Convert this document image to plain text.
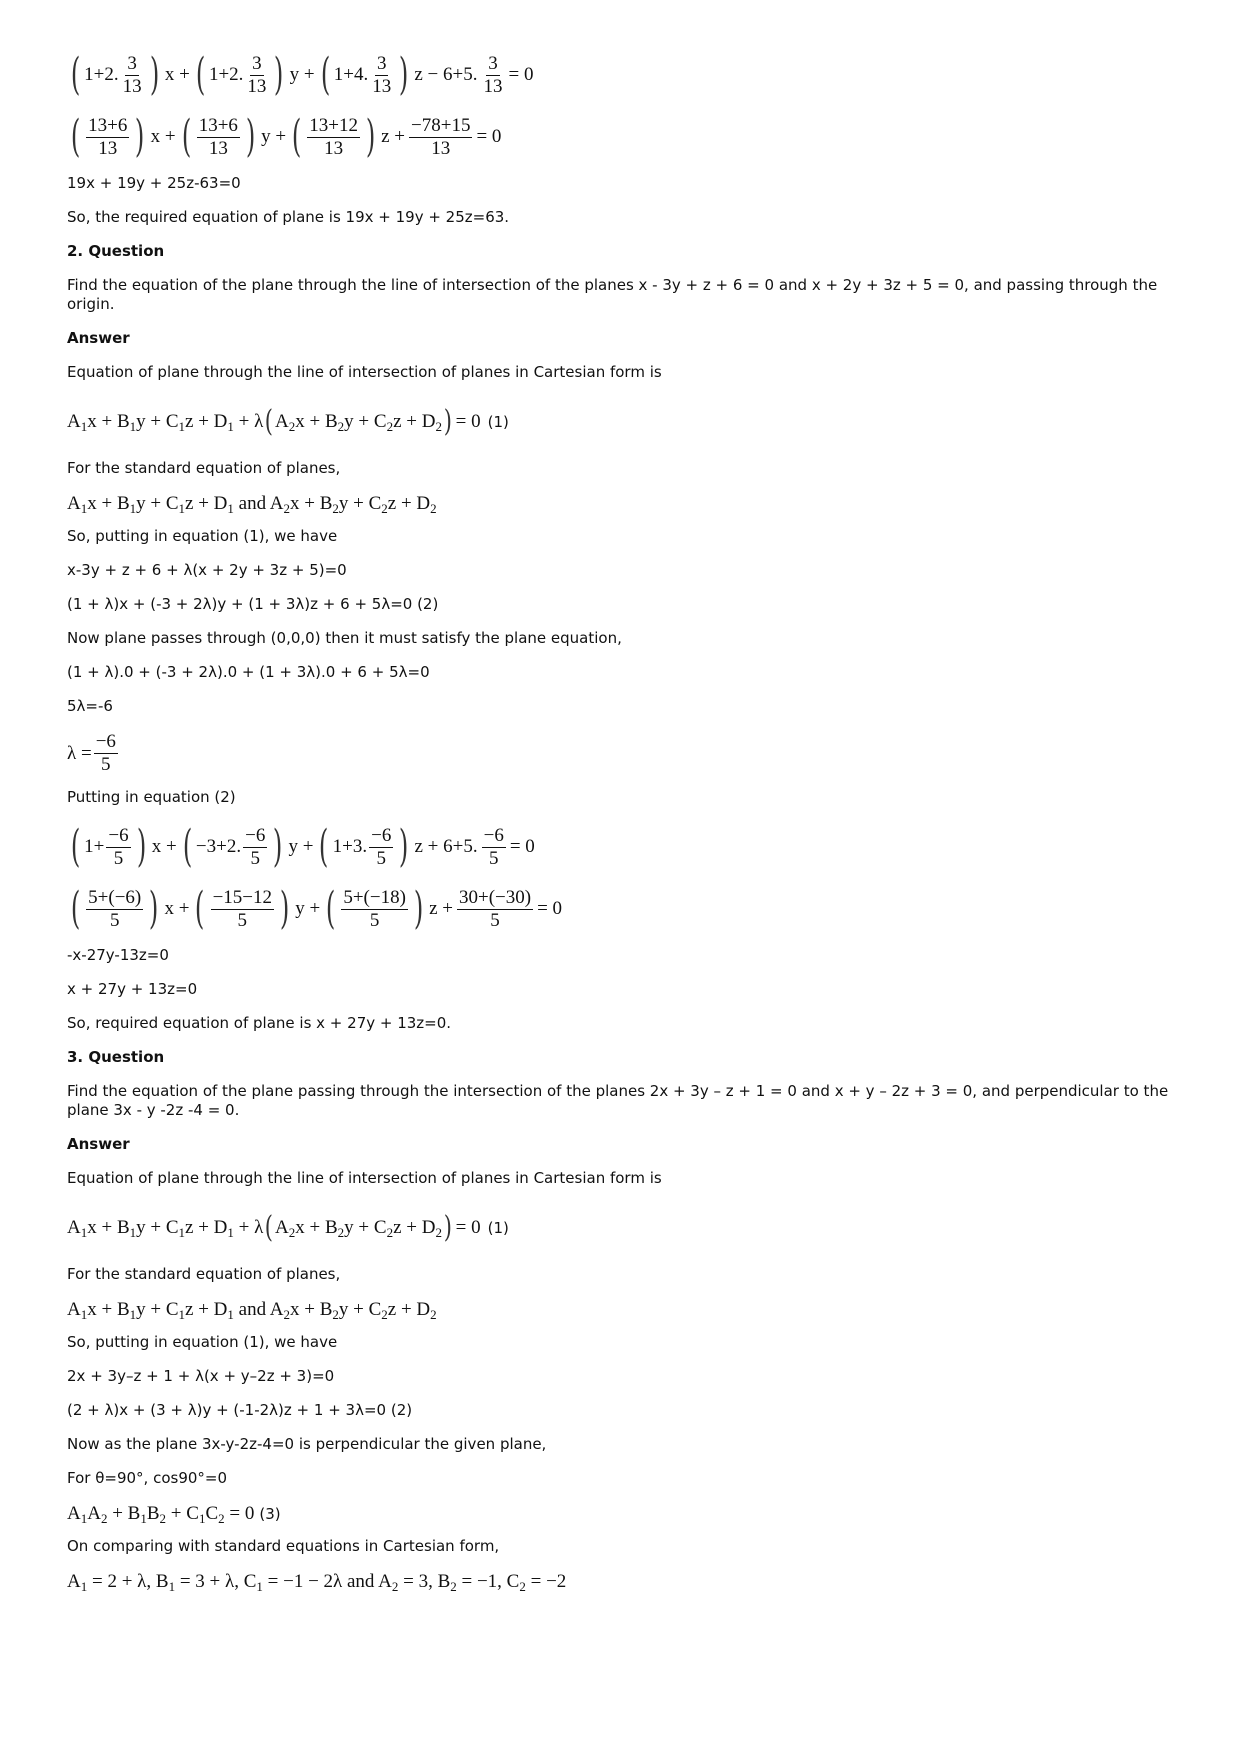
( 1+2. $\frac{3}{13}$ ) x + ( 1+2. $\frac{3}{13}$ ) y + ( 1+4. $\frac{3}{13}$ ) z − 6+5. $\frac{3}{13} = 0$
( $\frac{13+6}{13}$ ) x + ( $\frac{13+6}{13}$ ) y + ( $\frac{13+12}{13}$ ) $z + \frac{-78+15}{13} = 0$

19x + 19y + 25z-63=0

So, the required equation of plane is 19x + 19y + 25z=63.

2. Question

Find the equation of the plane through the line of intersection of the planes x - 3y + z + 6 = 0 and x + 2y + 3z + 5 = 0, and passing through the origin.

Answer

Equation of plane through the line of intersection of planes in Cartesian form is

$A_1x + B_1y + C_1z + D_1 + \lambda$ ( $A_2x + B_2y + C_2z + D_2$ ) = 0 (1)

For the standard equation of planes,

$A_1x + B_1y + C_1z + D_1$ and $A_2x + B_2y + C_2z + D_2$

So, putting in equation (1), we have

x-3y + z + 6 + λ(x + 2y + 3z + 5)=0

(1 + λ)x + (-3 + 2λ)y + (1 + 3λ)z + 6 + 5λ=0 (2)

Now plane passes through (0,0,0) then it must satisfy the plane equation,

(1 + λ).0 + (-3 + 2λ).0 + (1 + 3λ).0 + 6 + 5λ=0

5λ=-6

$\lambda = \frac{-6}{5}$

Putting in equation (2)

( $1+ \frac{-6}{5}$ ) x + ( −3+2. $\frac{-6}{5}$ ) y + ( 1+3. $\frac{-6}{5}$ ) z + 6+5. $\frac{-6}{5} = 0$
( $\frac{5+(-6)}{5}$ ) x + ( $\frac{-15-12}{5}$ ) y + ( $\frac{5+(-18)}{5}$ ) $z + \frac{30+(-30)}{5} = 0$

-x-27y-13z=0

x + 27y + 13z=0

So, required equation of plane is x + 27y + 13z=0.

3. Question

Find the equation of the plane passing through the intersection of the planes 2x + 3y – z + 1 = 0 and x + y – 2z + 3 = 0, and perpendicular to the plane 3x - y -2z -4 = 0.

Answer

Equation of plane through the line of intersection of planes in Cartesian form is

$A_1x + B_1y + C_1z + D_1 + \lambda$ ( $A_2x + B_2y + C_2z + D_2$ ) = 0 (1)

For the standard equation of planes,

$A_1x + B_1y + C_1z + D_1$ and $A_2x + B_2y + C_2z + D_2$

So, putting in equation (1), we have

2x + 3y–z + 1 + λ(x + y–2z + 3)=0

(2 + λ)x + (3 + λ)y + (-1-2λ)z + 1 + 3λ=0 (2)

Now as the plane 3x-y-2z-4=0 is perpendicular the given plane,

For θ=90°, cos90°=0

$A_1A_2 + B_1B_2 + C_1C_2 = 0$ (3)

On comparing with standard equations in Cartesian form,

$A_1 = 2 + \lambda$, $B_1 = 3 + \lambda$, $C_1 = -1 - 2\lambda$ and $A_2 = 3$, $B_2 = -1$, $C_2 = -2$
